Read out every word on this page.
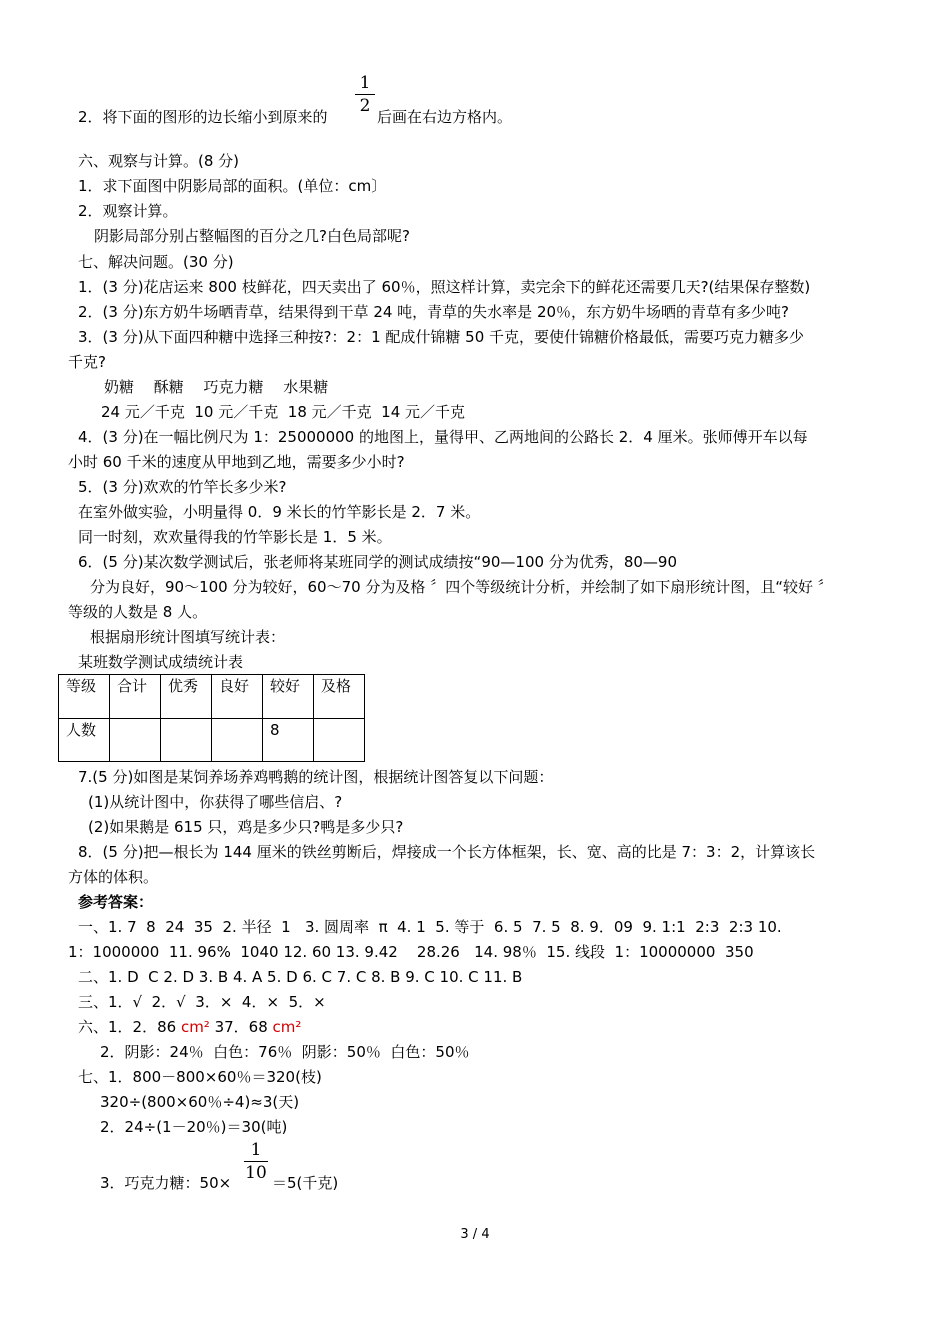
2．将下面的图形的边长缩小到原来的
1
2
后画在右边方格内。
六、观察与计算。(8 分)
1．求下面图中阴影局部的面积。(单位：cm〕
2．观察计算。
阴影局部分别占整幅图的百分之几?白色局部呢?
七、解决问题。(30 分)
1．(3 分)花店运来 800 枝鲜花，四天卖出了 60％，照这样计算，卖完余下的鲜花还需要几天?(结果保存整数)
2．(3 分)东方奶牛场晒青草，结果得到干草 24 吨，青草的失水率是 20％，东方奶牛场晒的青草有多少吨?
3．(3 分)从下面四种糖中选择三种按?：2：1 配成什锦糖 50 千克，要使什锦糖价格最低，需要巧克力糖多少
千克?
奶糖　 酥糖　 巧克力糖　 水果糖
24 元／千克  10 元／千克  18 元／千克  14 元／千克
4．(3 分)在一幅比例尺为 1：25000000 的地图上，量得甲、乙两地间的公路长 2．4 厘米。张师傅开车以每
小时 60 千米的速度从甲地到乙地，需要多少小时?
5．(3 分)欢欢的竹竿长多少米?
在室外做实验，小明量得 0．9 米长的竹竿影长是 2．7 米。
同一时刻，欢欢量得我的竹竿影长是 1．5 米。
6．(5 分)某次数学测试后，张老师将某班同学的测试成绩按“90—100 分为优秀，80—90
分为良好，90～100 分为较好，60～70 分为及格 〞四个等级统计分析，并绘制了如下扇形统计图，且“较好 〞
等级的人数是 8 人。
根据扇形统计图填写统计表：
某班数学测试成绩统计表
等级	合计	优秀	良好	较好	及格
人数				8	
7.(5 分)如图是某饲养场养鸡鸭鹅的统计图，根据统计图答复以下问题：
(1)从统计图中，你获得了哪些信启、?
(2)如果鹅是 615 只，鸡是多少只?鸭是多少只?
8．(5 分)把—根长为 144 厘米的铁丝剪断后，焊接成一个长方体框架，长、宽、高的比是 7：3：2，计算该长
方体的体积。
参考答案：
一、1. 7  8  24  35  2. 半径  1   3. 圆周率  π  4. 1  5. 等于  6. 5  7. 5  8. 9．09  9. 1:1  2:3  2:3 10.
1：1000000  11. 96%  1040 12. 60 13. 9.42    28.26   14. 98％  15. 线段  1：10000000  350
二、1. D  C 2. D 3. B 4. A 5. D 6. C 7. C 8. B 9. C 10. C 11. B
三、1．√  2．√  3．×  4．×  5．×
六、1．2．86 cm² 37．68 cm²
2．阴影：24％  白色：76％  阴影：50％  白色：50％
七、1．800－800×60％＝320(枝)
320÷(800×60％÷4)≈3(天)
2．24÷(1－20％)＝30(吨)
3．巧克力糖：50×
1
10 ＝5(千克)
3 / 4
